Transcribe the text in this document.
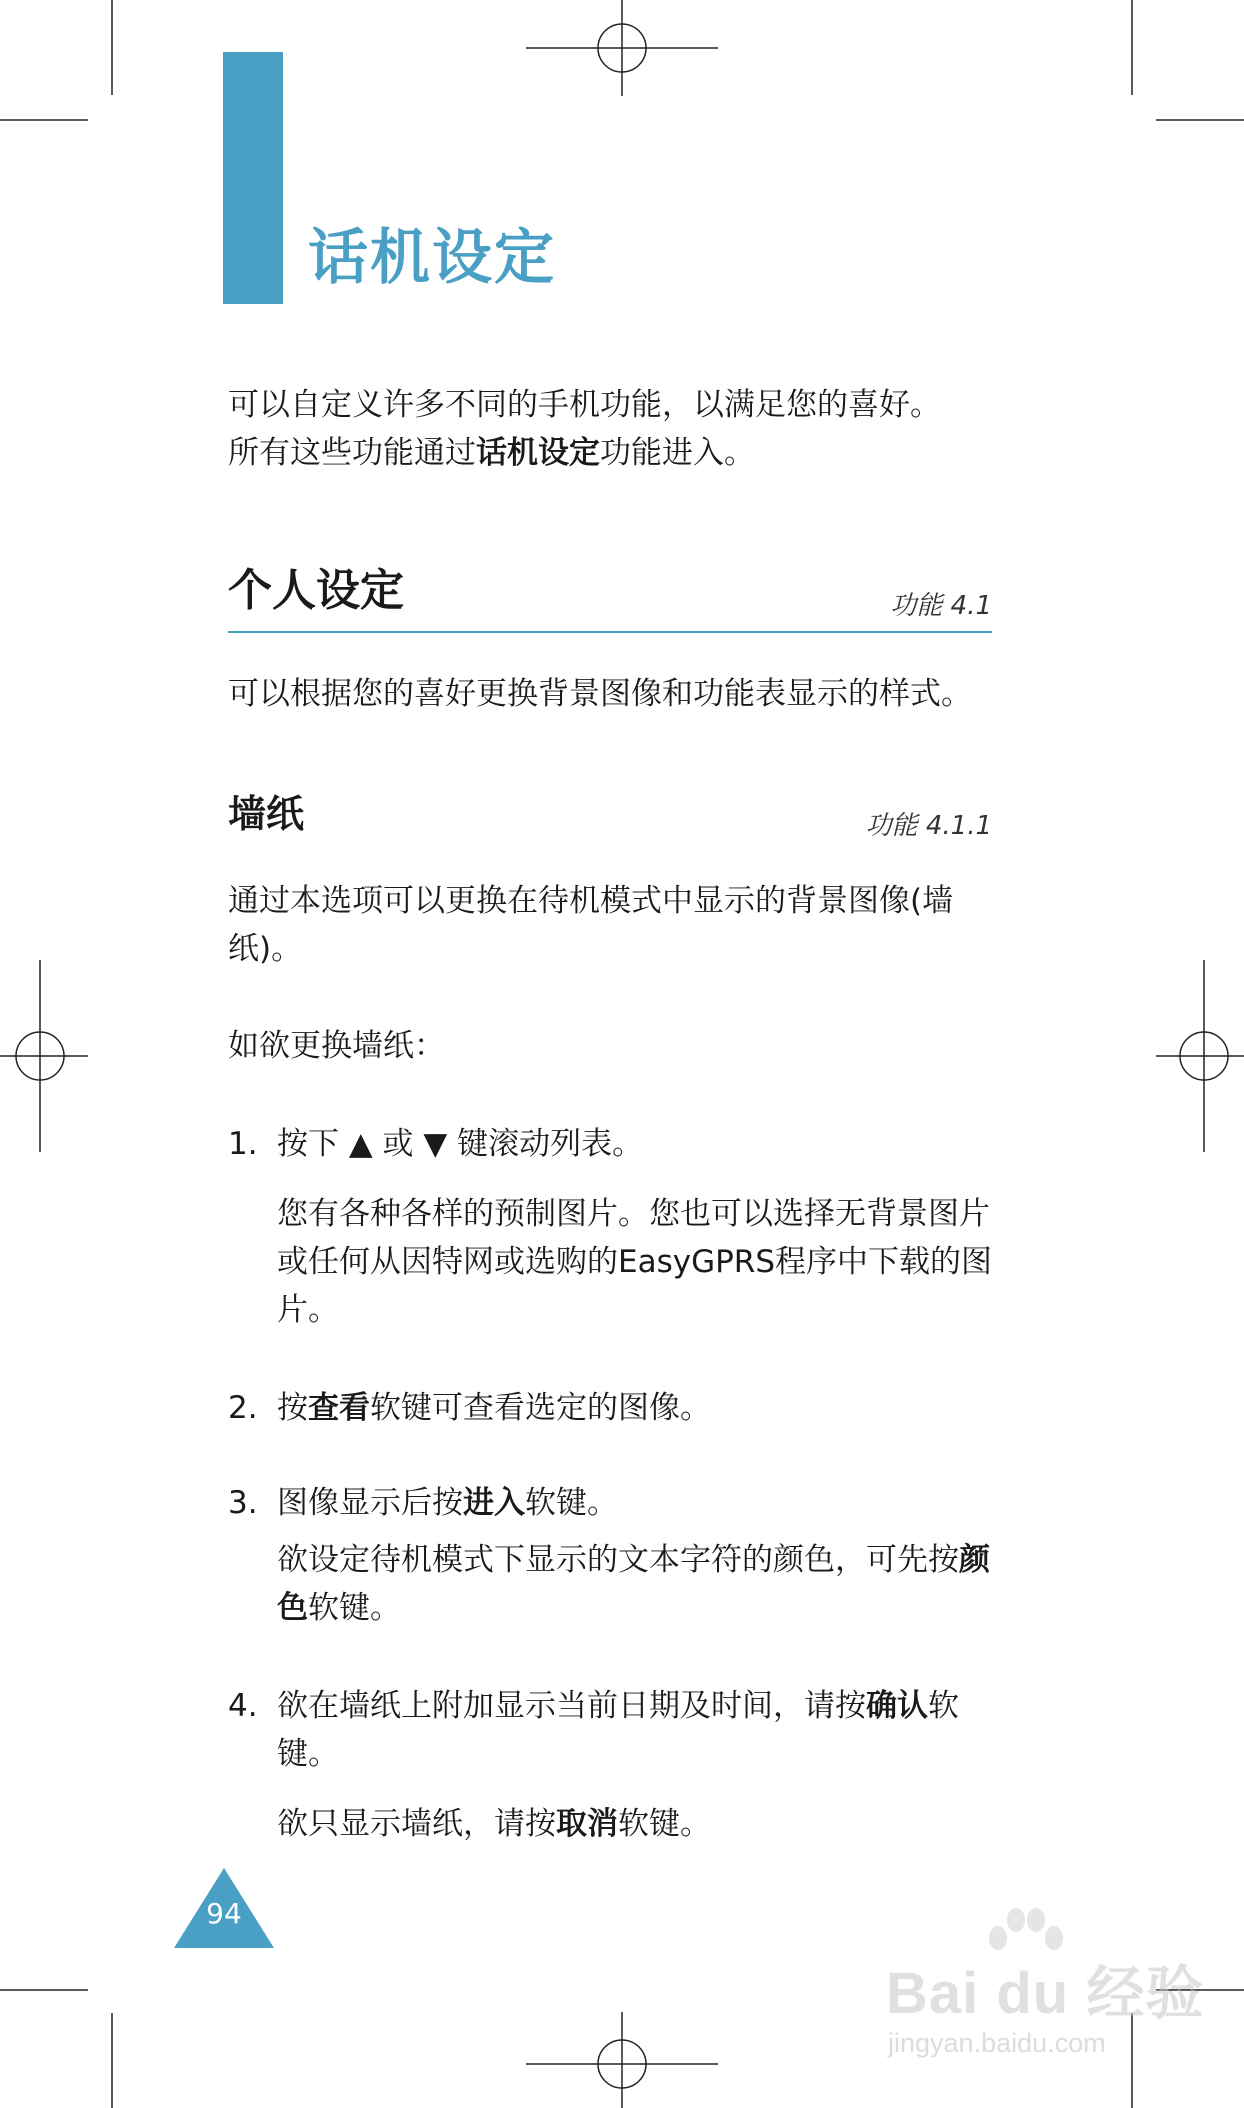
话机设定
可以自定义许多不同的手机功能，以满足您的喜好。
所有这些功能通过话机设定功能进入。
个人设定	功能 4.1
可以根据您的喜好更换背景图像和功能表显示的样式。
墙纸	功能 4.1.1
通过本选项可以更换在待机模式中显示的背景图像(墙纸)。
如欲更换墙纸：
1. 按下 ▲ 或 ▼ 键滚动列表。
您有各种各样的预制图片。您也可以选择无背景图片或任何从因特网或选购的EasyGPRS程序中下载的图片。
2. 按查看软键可查看选定的图像。
3. 图像显示后按进入软键。
欲设定待机模式下显示的文本字符的颜色，可先按颜色软键。
4. 欲在墙纸上附加显示当前日期及时间，请按确认软键。
欲只显示墙纸，请按取消软键。
94
Bai du 经验
jingyan.baidu.com
